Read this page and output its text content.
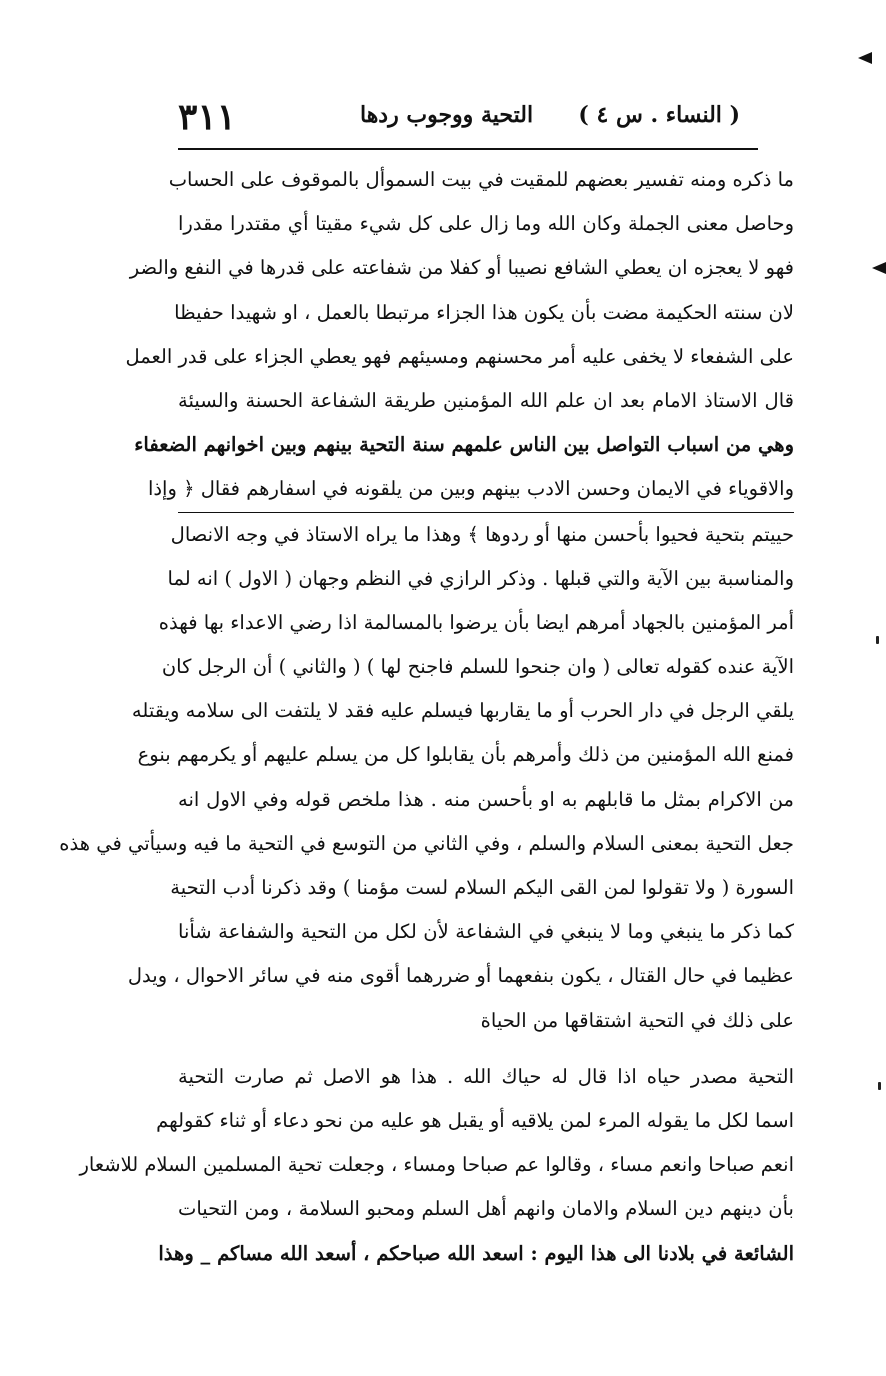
٣١١	التحية ووجوب ردها ( النساء . س ٤ )
ما ذكره ومنه تفسير بعضهم للمقيت في بيت السموأل بالموقوف على الحساب
وحاصل معنى الجملة وكان الله وما زال على كل شيء مقيتا أي مقتدرا مقدرا
فهو لا يعجزه ان يعطي الشافع نصيبا أو كفلا من شفاعته على قدرها في النفع والضر
لان سنته الحكيمة مضت بأن يكون هذا الجزاء مرتبطا بالعمل ، او شهيدا حفيظا
على الشفعاء لا يخفى عليه أمر محسنهم ومسيئهم فهو يعطي الجزاء على قدر العمل
قال الاستاذ الامام بعد ان علم الله المؤمنين طريقة الشفاعة الحسنة والسيئة
وهي من اسباب التواصل بين الناس علمهم سنة التحية بينهم وبين اخوانهم الضعفاء
والاقوياء في الايمان وحسن الادب بينهم وبين من يلقونه في اسفارهم فقال ﴿ وإذا
حييتم بتحية فحيوا بأحسن منها أو ردوها ﴾ وهذا ما يراه الاستاذ في وجه الانصال
والمناسبة بين الآية والتي قبلها . وذكر الرازي في النظم وجهان ( الاول ) انه لما
أمر المؤمنين بالجهاد أمرهم ايضا بأن يرضوا بالمسالمة اذا رضي الاعداء بها فهذه
الآية عنده كقوله تعالى ( وان جنحوا للسلم فاجنح لها ) ( والثاني ) أن الرجل كان
يلقي الرجل في دار الحرب أو ما يقاربها فيسلم عليه فقد لا يلتفت الى سلامه ويقتله
فمنع الله المؤمنين من ذلك وأمرهم بأن يقابلوا كل من يسلم عليهم أو يكرمهم بنوع
من الاكرام بمثل ما قابلهم به او بأحسن منه . هذا ملخص قوله وفي الاول انه
جعل التحية بمعنى السلام والسلم ، وفي الثاني من التوسع في التحية ما فيه وسيأتي في هذه
السورة ( ولا تقولوا لمن القى اليكم السلام لست مؤمنا ) وقد ذكرنا أدب التحية
كما ذكر ما ينبغي وما لا ينبغي في الشفاعة لأن لكل من التحية والشفاعة شأنا
عظيما في حال القتال ، يكون بنفعهما أو ضررهما أقوى منه في سائر الاحوال ، ويدل
على ذلك في التحية اشتقاقها من الحياة
التحية مصدر حياه اذا قال له حياك الله . هذا هو الاصل ثم صارت التحية
اسما لكل ما يقوله المرء لمن يلاقيه أو يقبل هو عليه من نحو دعاء أو ثناء كقولهم
انعم صباحا وانعم مساء ، وقالوا عم صباحا ومساء ، وجعلت تحية المسلمين السلام للاشعار
بأن دينهم دين السلام والامان وانهم أهل السلم ومحبو السلامة ، ومن التحيات
الشائعة في بلادنا الى هذا اليوم : اسعد الله صباحكم ، أسعد الله مساكم _ وهذا
